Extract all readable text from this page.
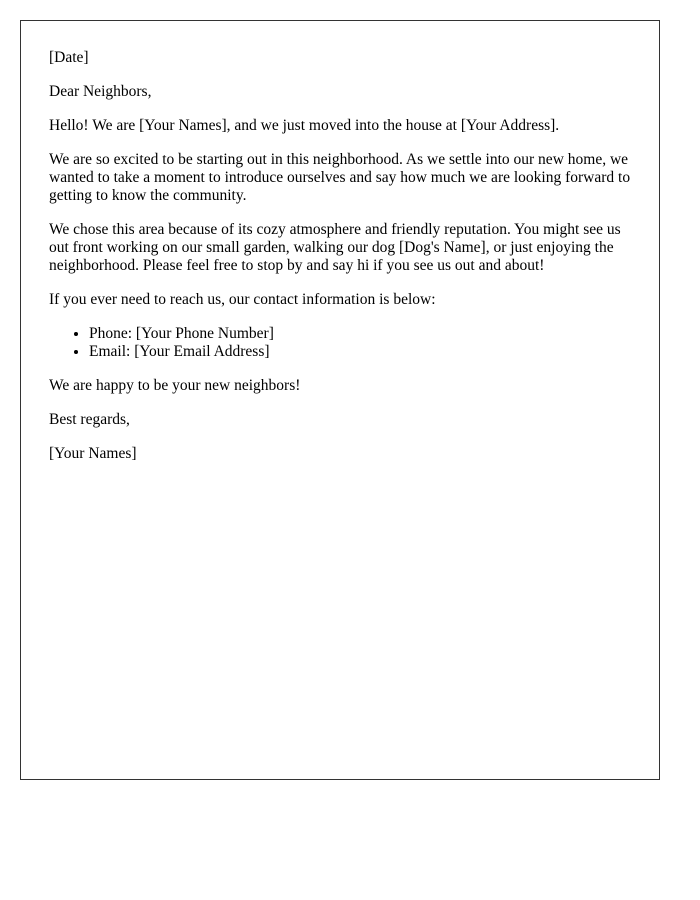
[Date]

Dear Neighbors,

Hello! We are [Your Names], and we just moved into the house at [Your Address].

We are so excited to be starting out in this neighborhood. As we settle into our new home, we wanted to take a moment to introduce ourselves and say how much we are looking forward to getting to know the community.

We chose this area because of its cozy atmosphere and friendly reputation. You might see us out front working on our small garden, walking our dog [Dog's Name], or just enjoying the neighborhood. Please feel free to stop by and say hi if you see us out and about!

If you ever need to reach us, our contact information is below:

• Phone: [Your Phone Number]
• Email: [Your Email Address]

We are happy to be your new neighbors!

Best regards,

[Your Names]
